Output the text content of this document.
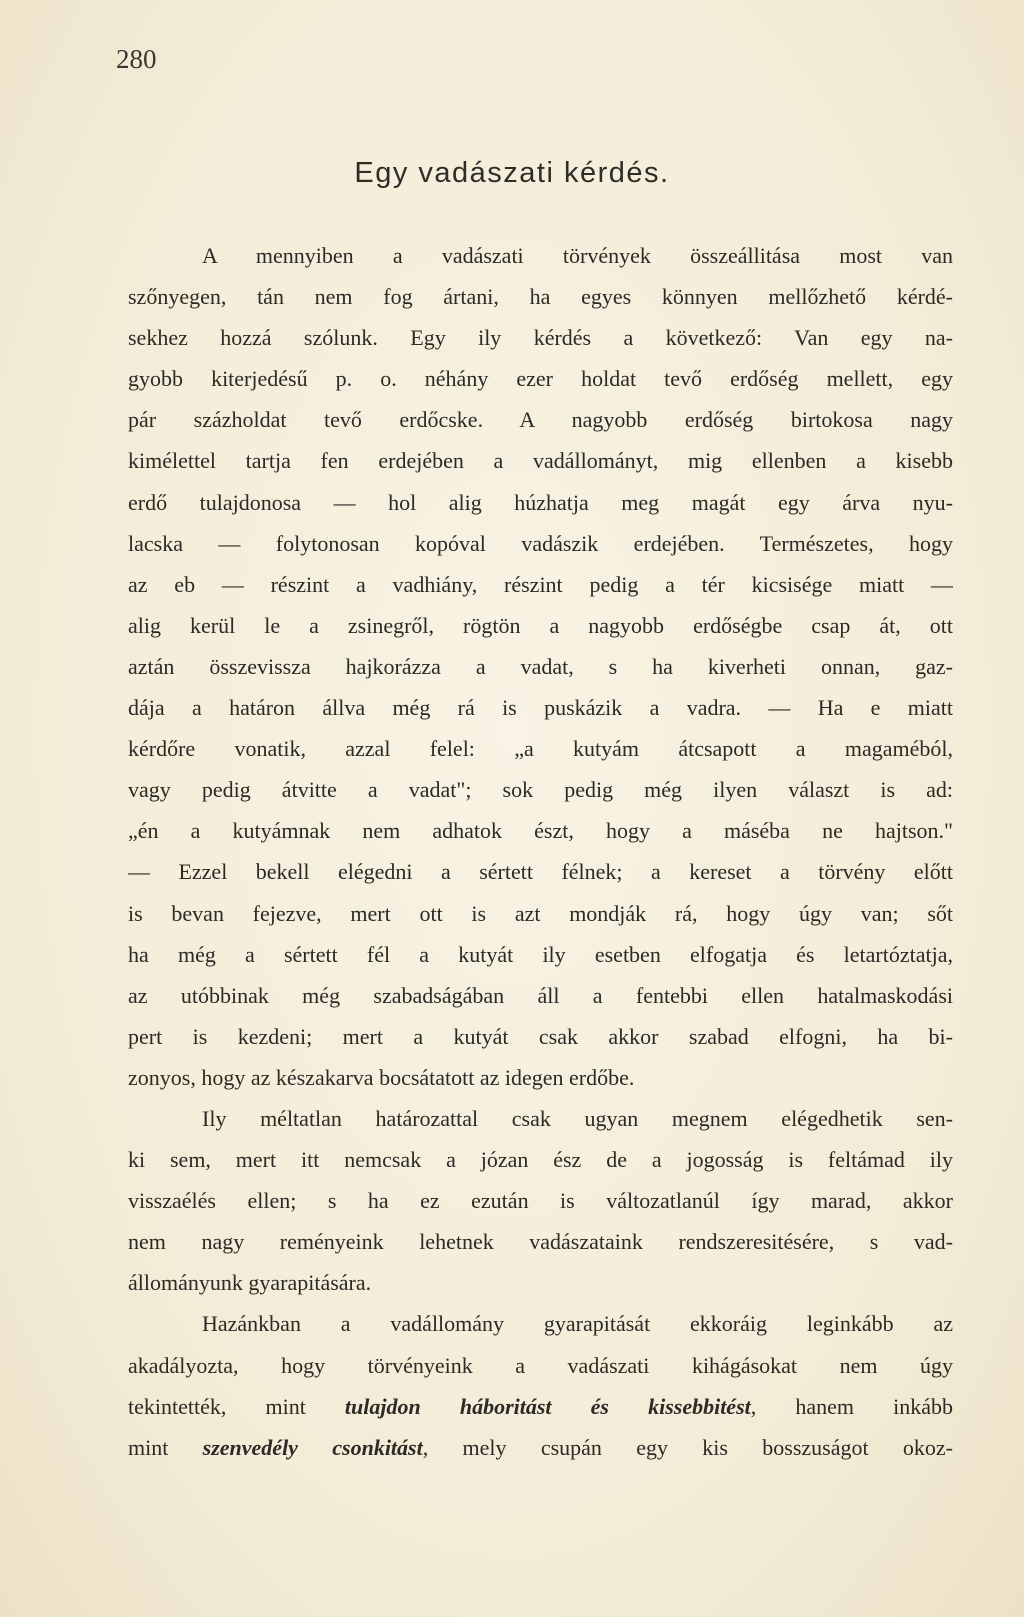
280
Egy vadászati kérdés.
A mennyiben a vadászati törvények összeállitása most van
szőnyegen, tán nem fog ártani, ha egyes könnyen mellőzhető kérdé-
sekhez hozzá szólunk. Egy ily kérdés a következő: Van egy na-
gyobb kiterjedésű p. o. néhány ezer holdat tevő erdőség mellett, egy
pár százholdat tevő erdőcske. A nagyobb erdőség birtokosa nagy
kimélettel tartja fen erdejében a vadállományt, mig ellenben a kisebb
erdő tulajdonosa — hol alig húzhatja meg magát egy árva nyu-
lacska — folytonosan kopóval vadászik erdejében. Természetes, hogy
az eb — részint a vadhiány, részint pedig a tér kicsisége miatt —
alig kerül le a zsinegről, rögtön a nagyobb erdőségbe csap át, ott
aztán összevissza hajkorázza a vadat, s ha kiverheti onnan, gaz-
dája a határon állva még rá is puskázik a vadra. — Ha e miatt
kérdőre vonatik, azzal felel: „a kutyám átcsapott a magaméból,
vagy pedig átvitte a vadat"; sok pedig még ilyen választ is ad:
„én a kutyámnak nem adhatok észt, hogy a máséba ne hajtson."
— Ezzel bekell elégedni a sértett félnek; a kereset a törvény előtt
is bevan fejezve, mert ott is azt mondják rá, hogy úgy van; sőt
ha még a sértett fél a kutyát ily esetben elfogatja és letartóztatja,
az utóbbinak még szabadságában áll a fentebbi ellen hatalmaskodási
pert is kezdeni; mert a kutyát csak akkor szabad elfogni, ha bi-
zonyos, hogy az készakarva bocsátatott az idegen erdőbe.
Ily méltatlan határozattal csak ugyan megnem elégedhetik sen-
ki sem, mert itt nemcsak a józan ész de a jogosság is feltámad ily
visszaélés ellen; s ha ez ezután is változatlanúl így marad, akkor
nem nagy reményeink lehetnek vadászataink rendszeresitésére, s vad-
állományunk gyarapitására.
Hazánkban a vadállomány gyarapitását ekkoráig leginkább az
akadályozta, hogy törvényeink a vadászati kihágásokat nem úgy
tekintették, mint tulajdon háboritást és kissebbitést, hanem inkább
mint szenvedély csonkitást, mely csupán egy kis bosszuságot okoz-
